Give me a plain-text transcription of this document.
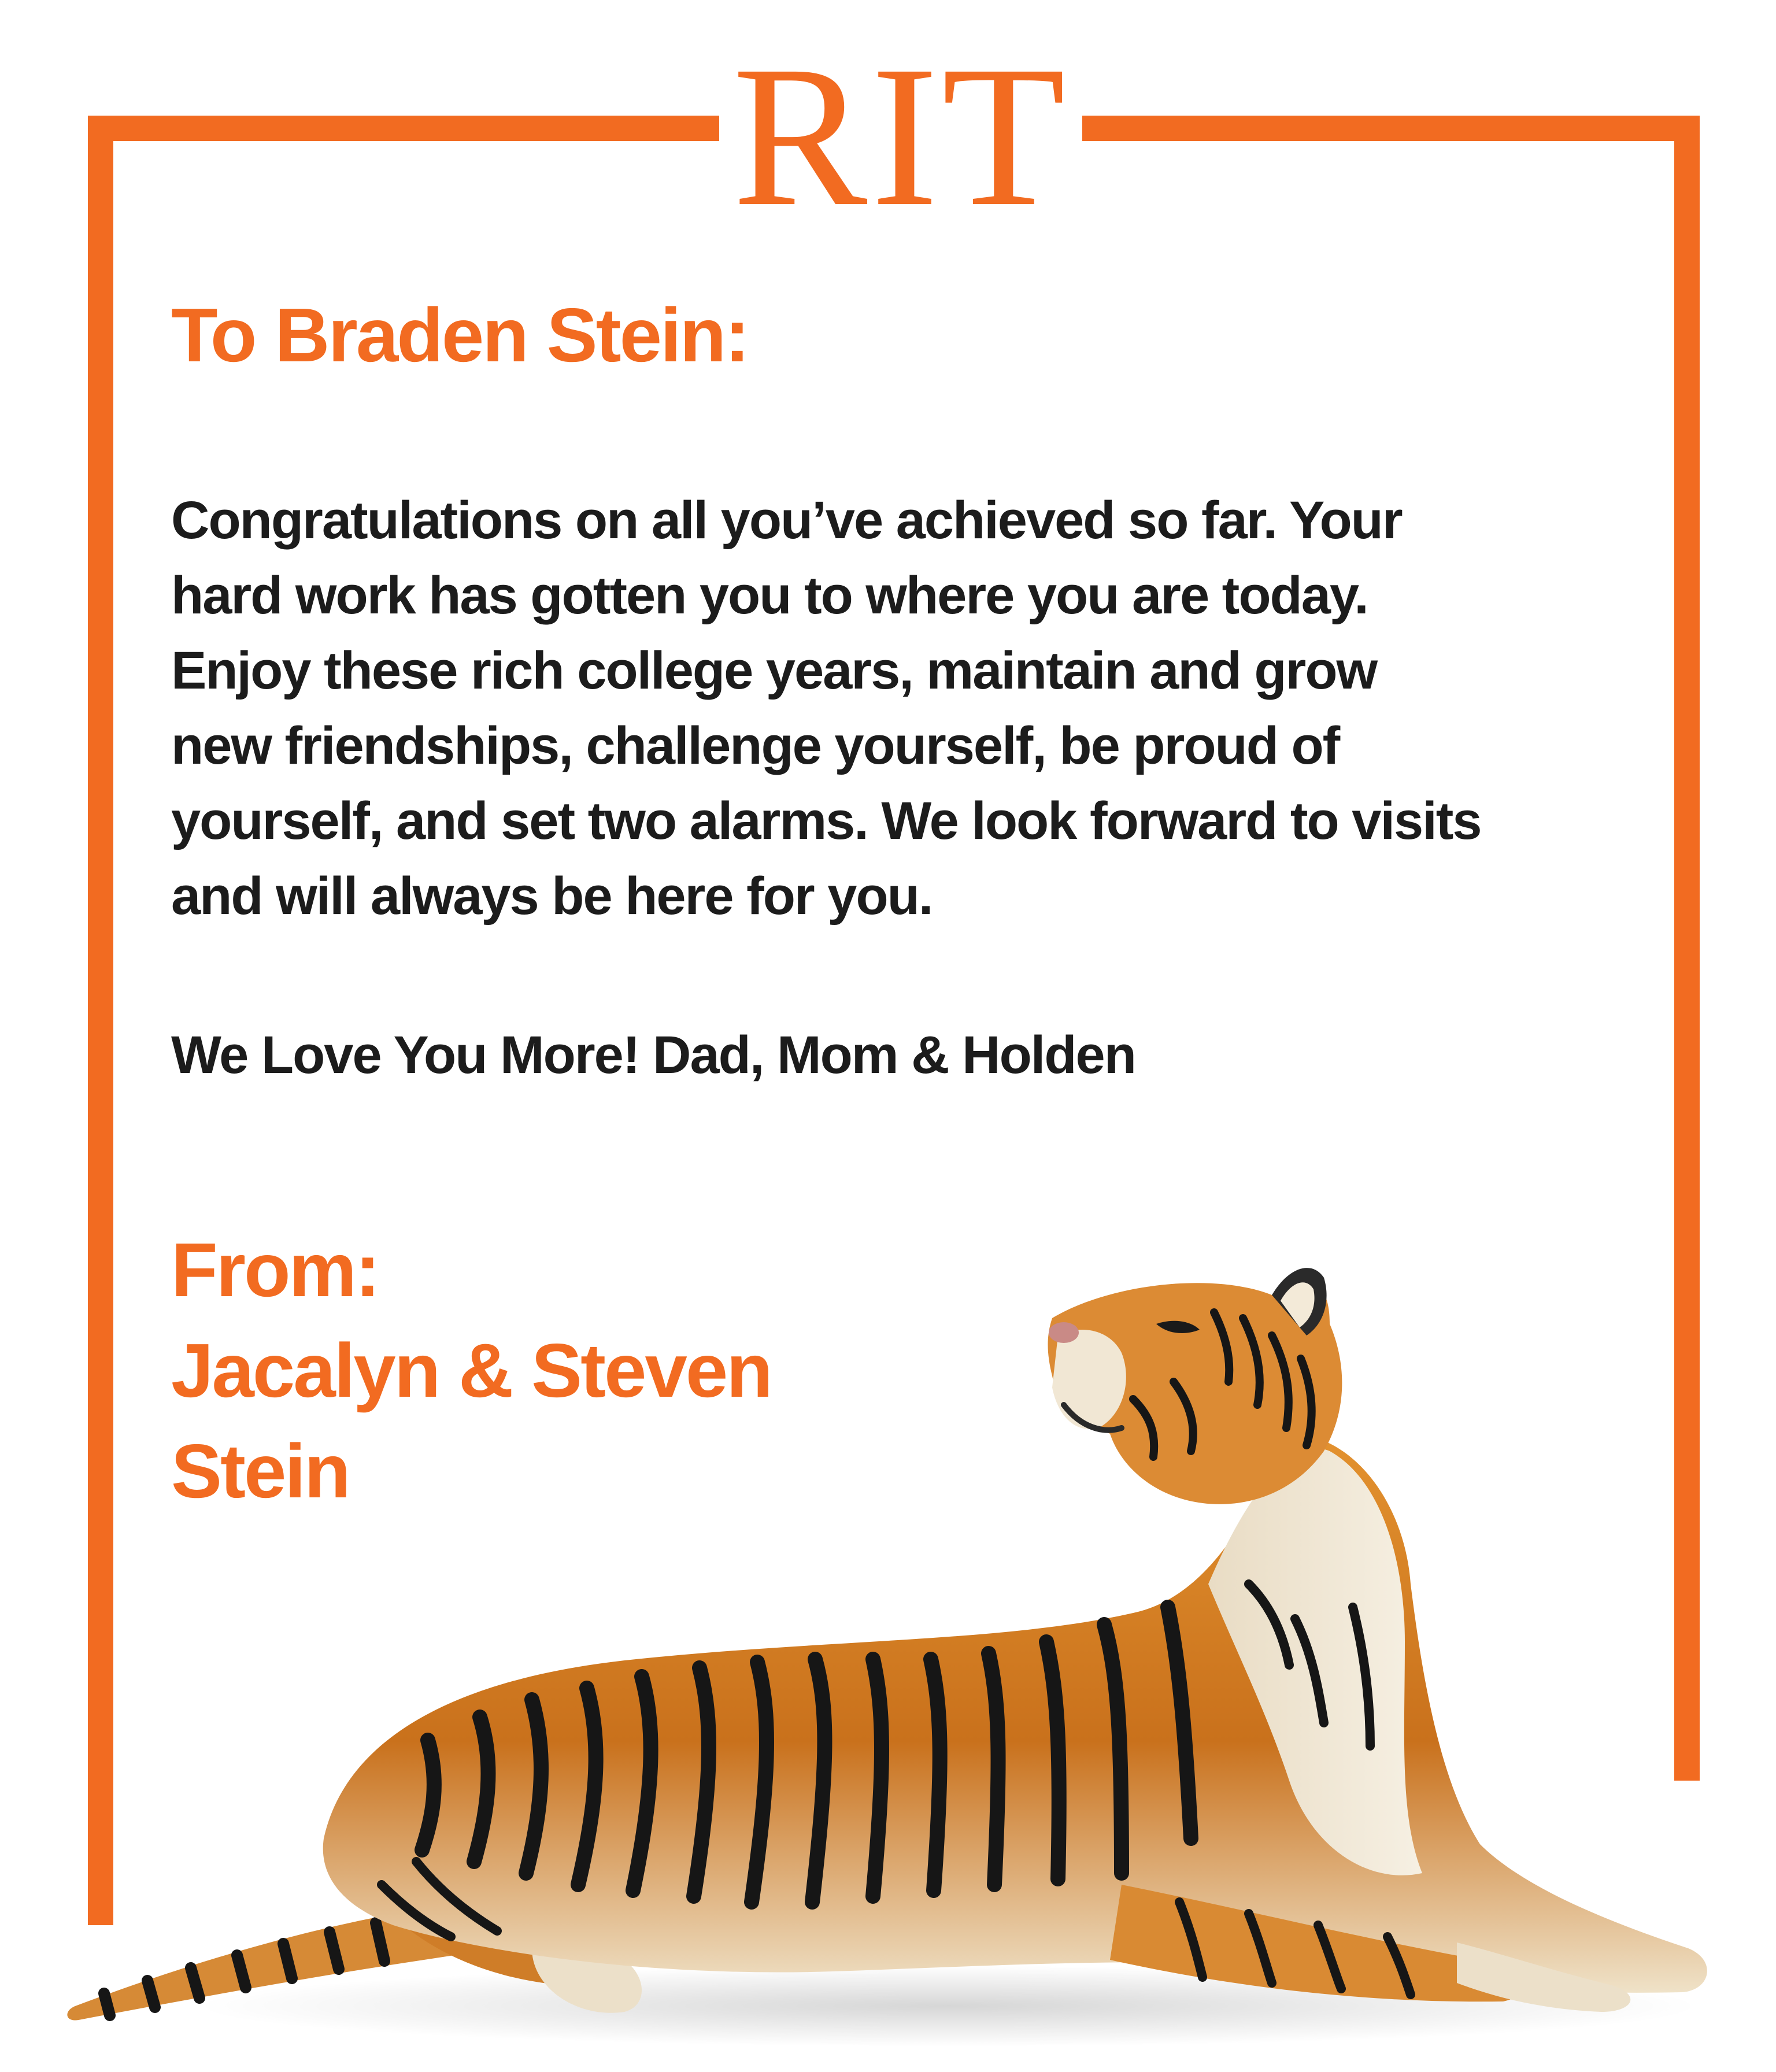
RIT
To Braden Stein:
Congratulations on all you’ve achieved so far. Your
hard work has gotten you to where you are today.
Enjoy these rich college years, maintain and grow
new friendships, challenge yourself, be proud of
yourself, and set two alarms. We look forward to visits
and will always be here for you.
We Love You More! Dad, Mom & Holden
From:
Jacalyn & Steven
Stein
